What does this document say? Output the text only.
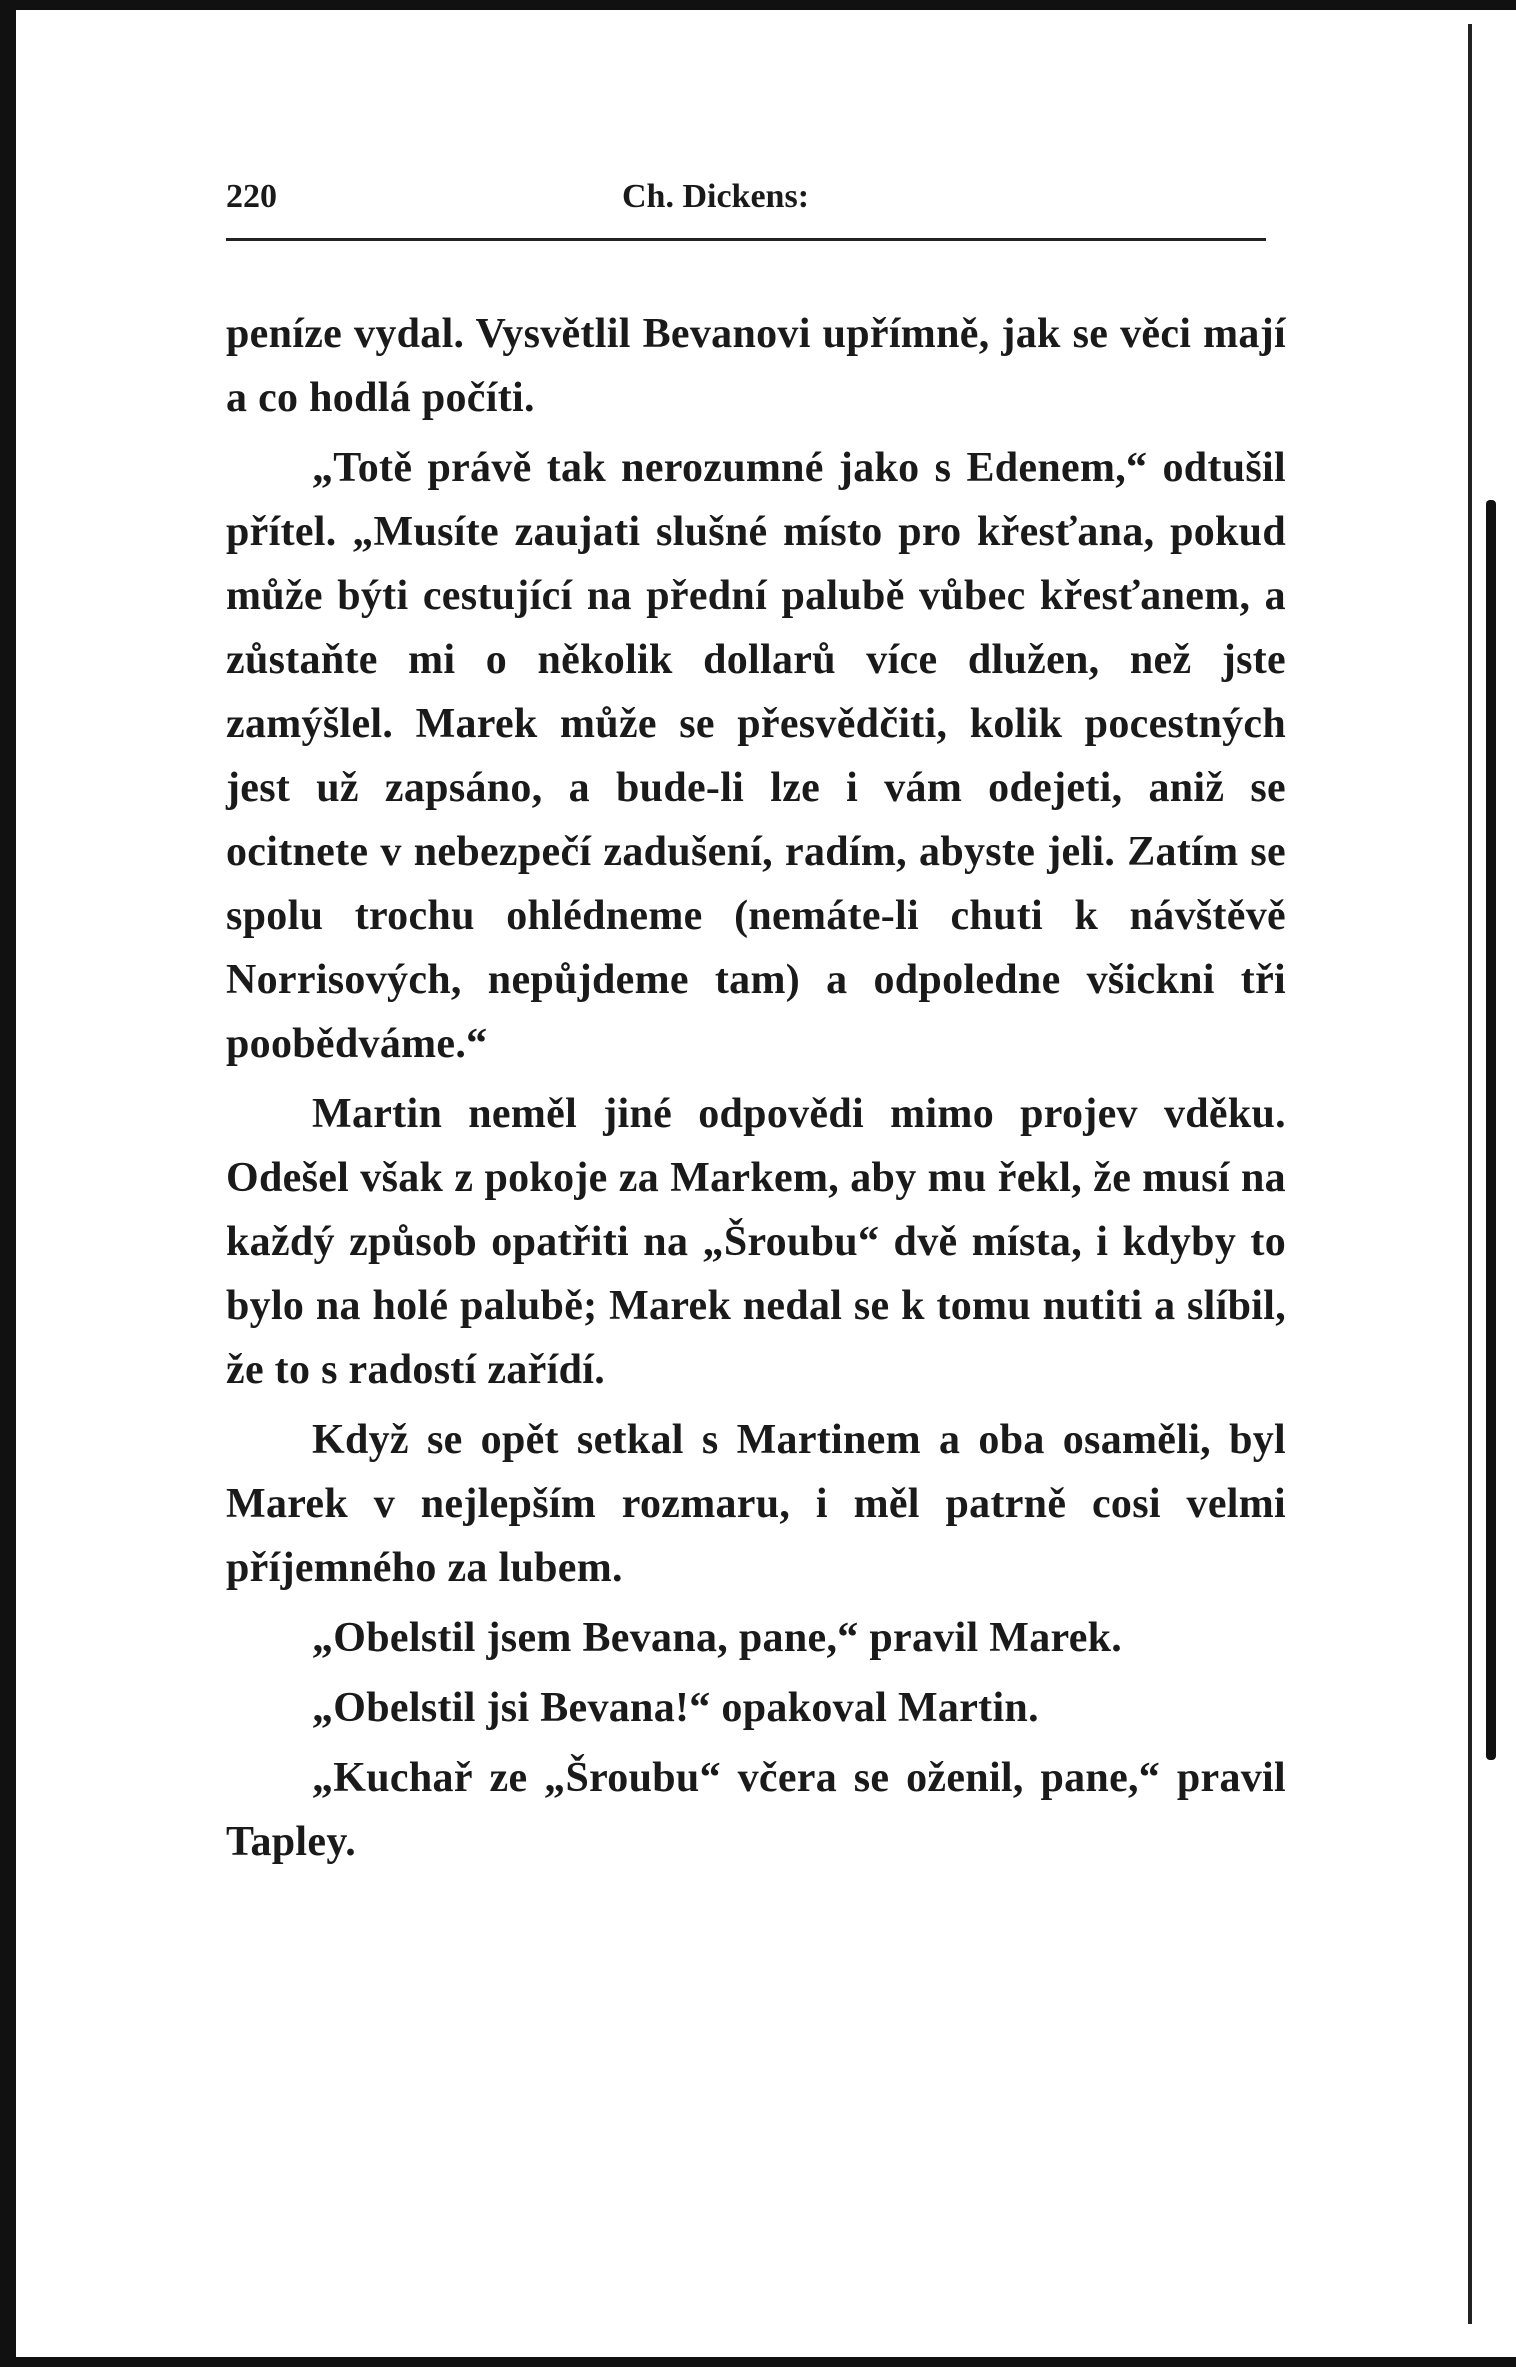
220	Ch. Dickens:

peníze vydal. Vysvětlil Bevanovi upřímně, jak se věci mají a co hodlá počíti.

„Totě právě tak nerozumné jako s Edenem,“ odtušil přítel. „Musíte zaujati slušné místo pro křesťana, pokud může býti cestující na přední palubě vůbec křesťanem, a zůstaňte mi o několik dollarů více dlužen, než jste zamýšlel. Marek může se přesvědčiti, kolik pocestných jest už zapsáno, a bude-li lze i vám odejeti, aniž se ocitnete v nebezpečí zadušení, radím, abyste jeli. Zatím se spolu trochu ohlédneme (nemáte-li chuti k návštěvě Norrisových, nepůjdeme tam) a odpoledne všickni tři poobědváme.“

Martin neměl jiné odpovědi mimo projev vděku. Odešel však z pokoje za Markem, aby mu řekl, že musí na každý způsob opatřiti na „Šroubu“ dvě místa, i kdyby to bylo na holé palubě; Marek nedal se k tomu nutiti a slíbil, že to s radostí zařídí.

Když se opět setkal s Martinem a oba osaměli, byl Marek v nejlepším rozmaru, i měl patrně cosi velmi příjemného za lubem.

„Obelstil jsem Bevana, pane,“ pravil Marek.

„Obelstil jsi Bevana!“ opakoval Martin.

„Kuchař ze „Šroubu“ včera se oženil, pane,“ pravil Tapley.
